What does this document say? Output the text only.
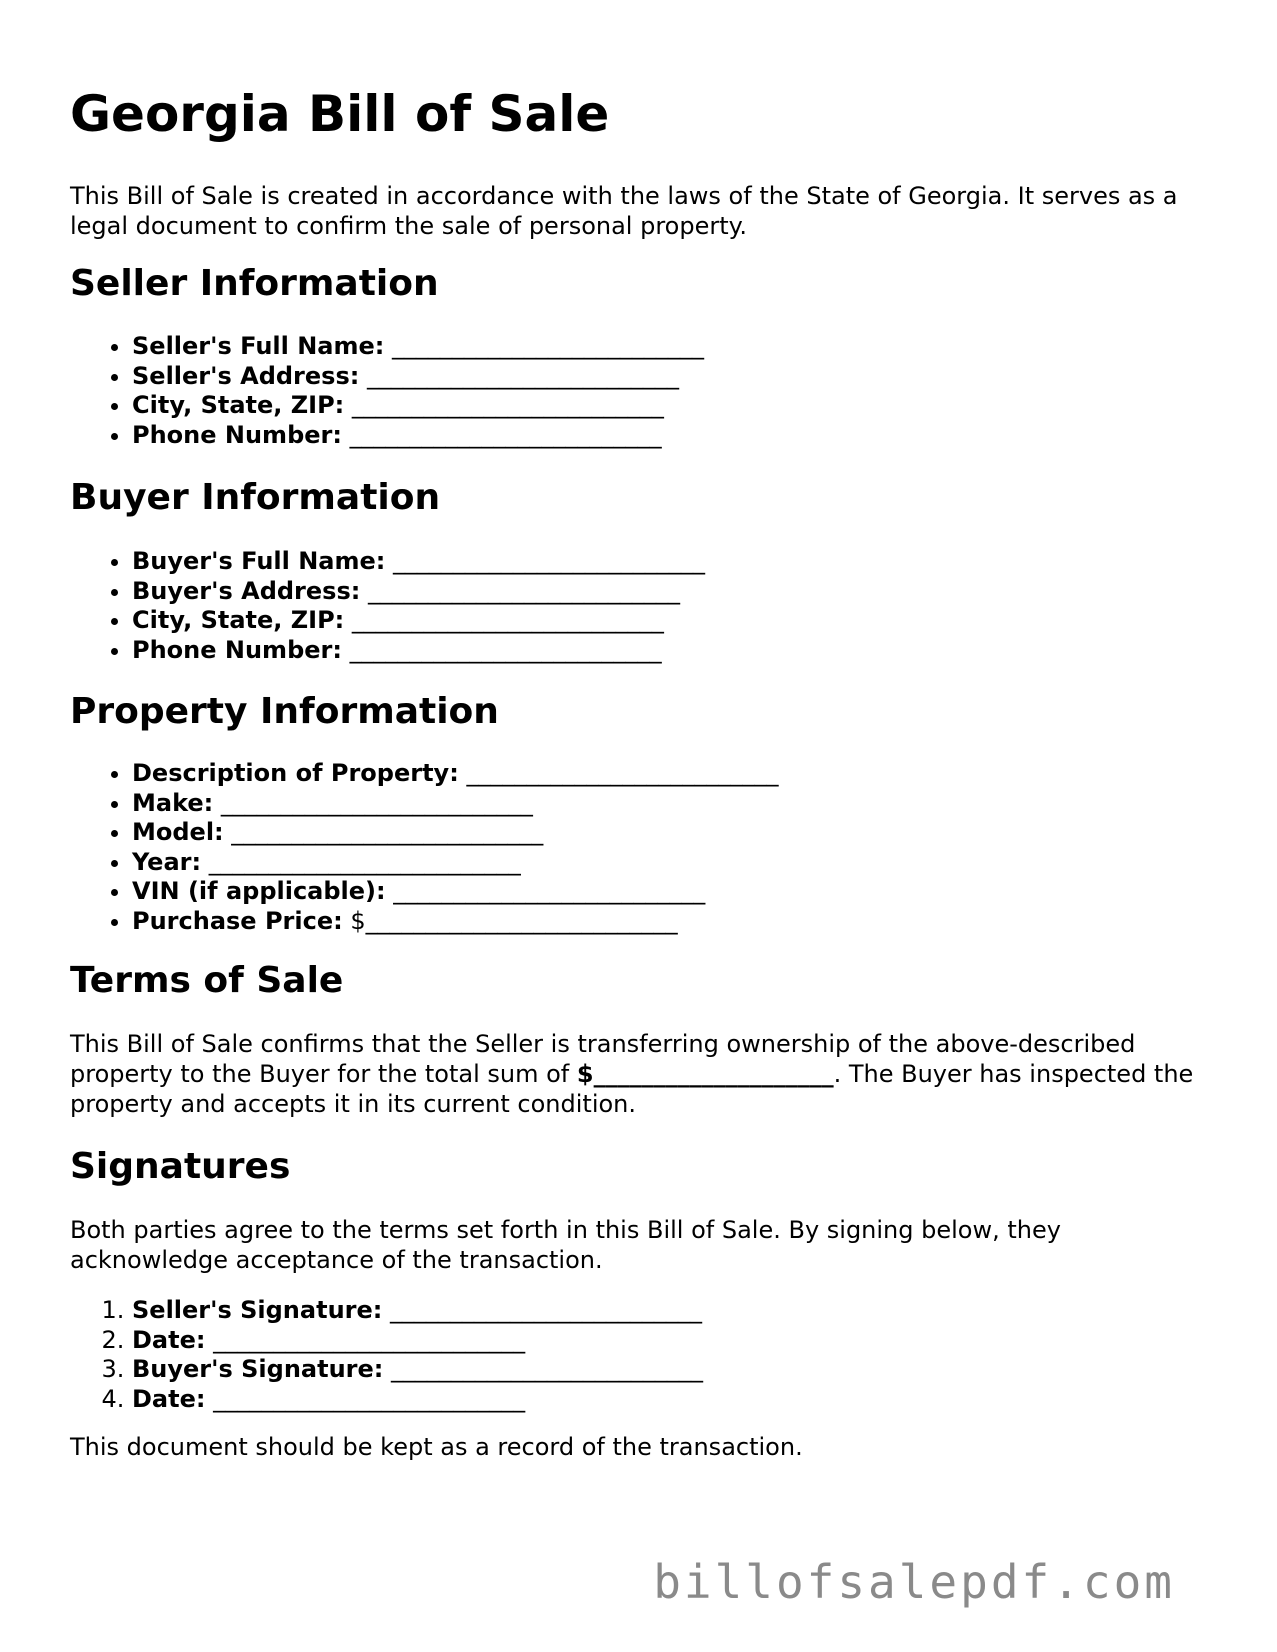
Georgia Bill of Sale

This Bill of Sale is created in accordance with the laws of the State of Georgia. It serves as a legal document to confirm the sale of personal property.

Seller Information
• Seller's Full Name: __________________________
• Seller's Address: __________________________
• City, State, ZIP: __________________________
• Phone Number: __________________________
Buyer Information
• Buyer's Full Name: __________________________
• Buyer's Address: __________________________
• City, State, ZIP: __________________________
• Phone Number: __________________________
Property Information
• Description of Property: __________________________
• Make: __________________________
• Model: __________________________
• Year: __________________________
• VIN (if applicable): __________________________
• Purchase Price: $__________________________
Terms of Sale

This Bill of Sale confirms that the Seller is transferring ownership of the above-described property to the Buyer for the total sum of $____________________. The Buyer has inspected the property and accepts it in its current condition.

Signatures

Both parties agree to the terms set forth in this Bill of Sale. By signing below, they acknowledge acceptance of the transaction.

1. Seller's Signature: __________________________
2. Date: __________________________
3. Buyer's Signature: __________________________
4. Date: __________________________

This document should be kept as a record of the transaction.

billofsalepdf.com
